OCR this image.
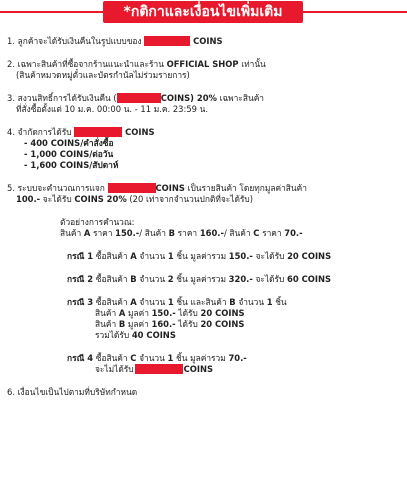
*กติกาและเงื่อนไขเพิ่มเติม
1. ลูกค้าจะได้รับเงินคืนในรูปแบบของ	COINS
2. เฉพาะสินค้าที่ซื้อจากร้านแนะนำและร้าน OFFICIAL SHOP เท่านั้น
(สินค้าหมวดหมู่ตั๋วและบัตรกำนัลไม่ร่วมรายการ)
3. สงวนสิทธิ์การได้รับเงินคืน (	COINS) 20% เฉพาะสินค้า
ที่สั่งซื้อตั้งแต่ 10 ม.ค. 00:00 น. - 11 ม.ค. 23:59 น.
4. จำกัดการได้รับ	COINS
- 400 COINS/คำสั่งซื้อ
- 1,000 COINS/ต่อวัน
- 1,600 COINS/สัปดาห์
5. ระบบจะคำนวณการแจก	COINS เป็นรายสินค้า โดยทุกมูลค่าสินค้า
100.- จะได้รับ COINS 20% (20 เท่าจากจำนวนปกติที่จะได้รับ)
ตัวอย่างการคำนวณ:
สินค้า A ราคา 150.-/ สินค้า B ราคา 160.-/ สินค้า C ราคา 70.-
กรณี 1 ซื้อสินค้า A จำนวน 1 ชิ้น มูลค่ารวม 150.- จะได้รับ 20 COINS
กรณี 2 ซื้อสินค้า B จำนวน 2 ชิ้น มูลค่ารวม 320.- จะได้รับ 60 COINS
กรณี 3 ซื้อสินค้า A จำนวน 1 ชิ้น และสินค้า B จำนวน 1 ชิ้น
สินค้า A มูลค่า 150.- ได้รับ 20 COINS
สินค้า B มูลค่า 160.- ได้รับ 20 COINS
รวมได้รับ 40 COINS
กรณี 4 ซื้อสินค้า C จำนวน 1 ชิ้น มูลค่ารวม 70.-
จะไม่ได้รับ	COINS
6. เงื่อนไขเป็นไปตามที่บริษัทกำหนด
